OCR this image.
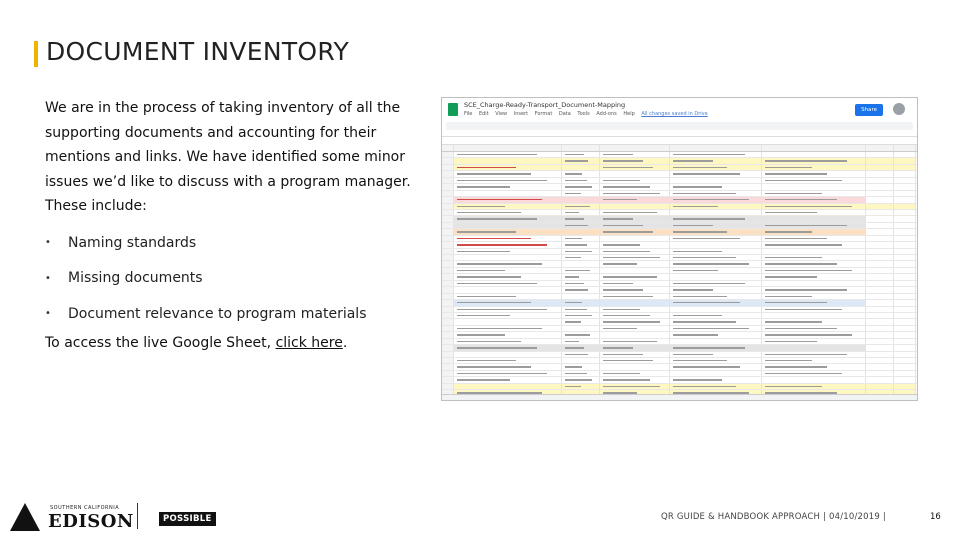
DOCUMENT INVENTORY
We are in the process of taking inventory of all the supporting documents and accounting for their mentions and links. We have identified some minor issues we’d like to discuss with a program manager. These include:
•	Naming standards
•	Missing documents
•	Document relevance to program materials
To access the live Google Sheet, click here.
SCE_Charge-Ready-Transport_Document-Mapping
File Edit View Insert Format Data Tools Add-ons Help All changes saved in Drive
Share
SOUTHERN CALIFORNIA
EDISON	POSSIBLE	QR GUIDE & HANDBOOK APPROACH | 04/10/2019 |	16
